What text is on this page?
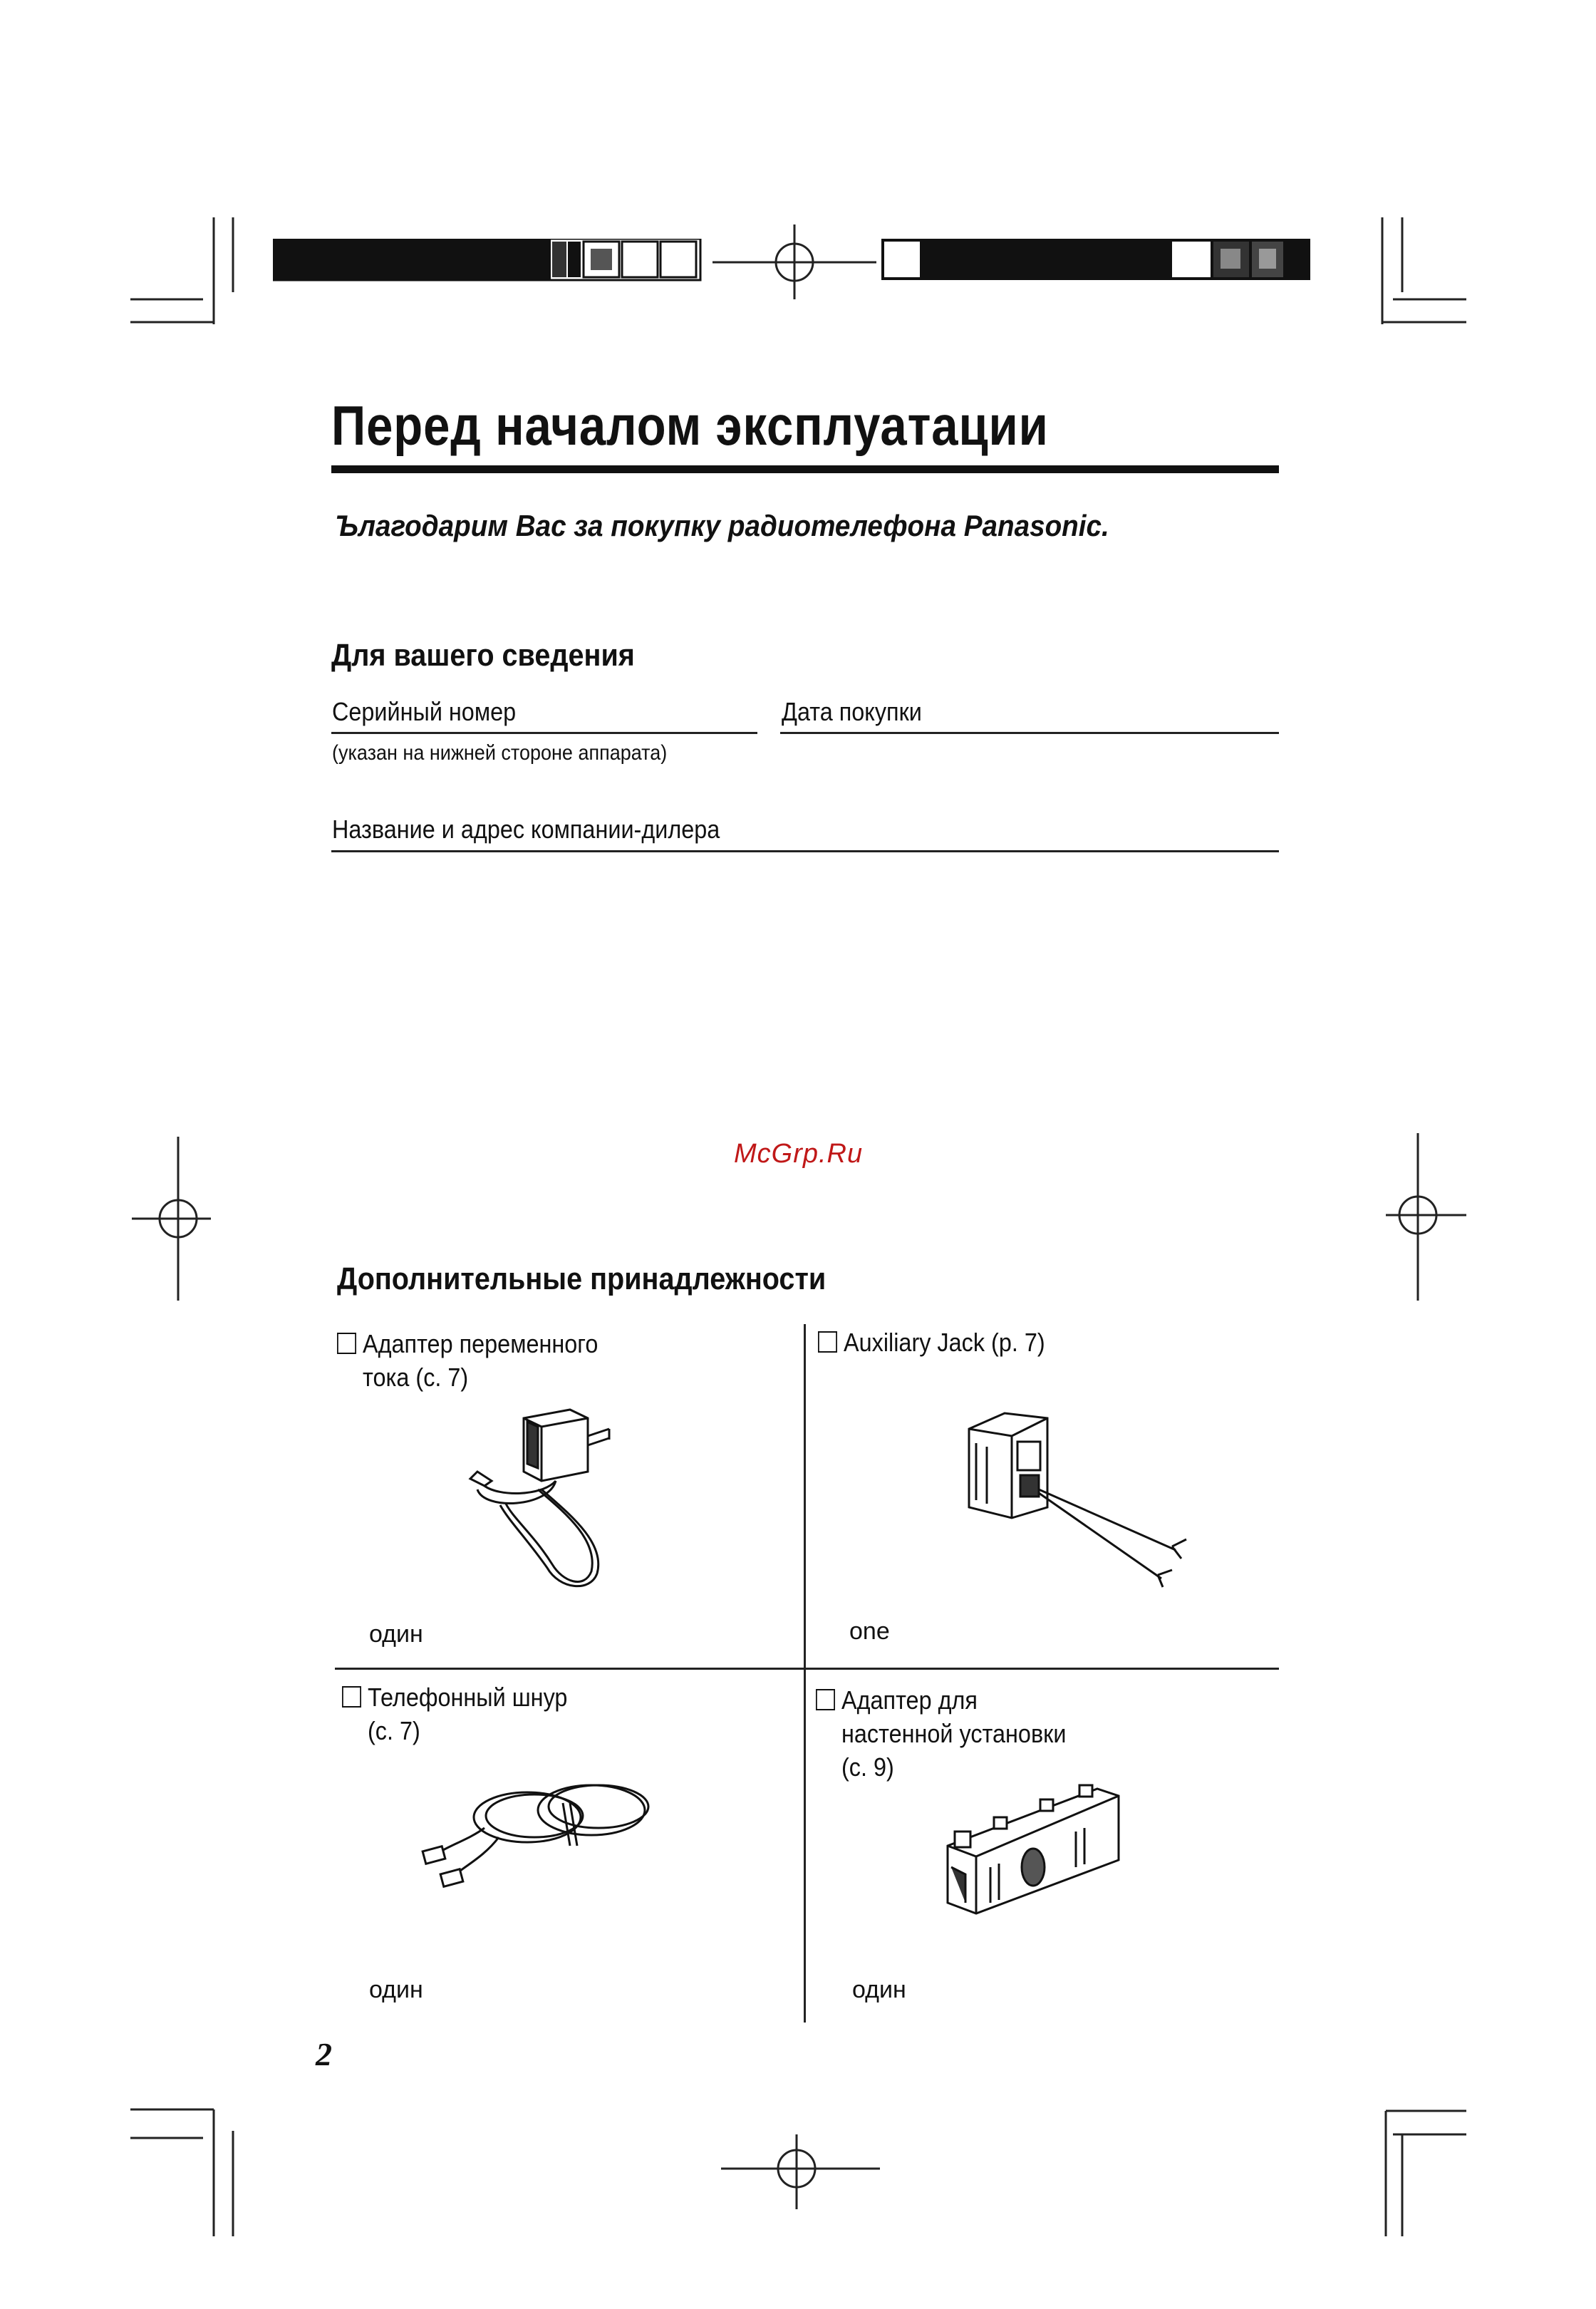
Перед началом эксплуатации
Ълагодарим Вас за покупку радиотелефона Panasonic.
Для вашего сведения
Серийный номер
(указан на нижней стороне аппарата)
Дата покупки
Название и адрес компании-дилера
McGrp.Ru
Дополнительные принадлежности
Адаптер переменного
тока (с. 7)
один
Auxiliary Jack (p. 7)
one
Телефонный шнур
(с. 7)
один
Адаптер для
настенной установки
(с. 9)
один
2
